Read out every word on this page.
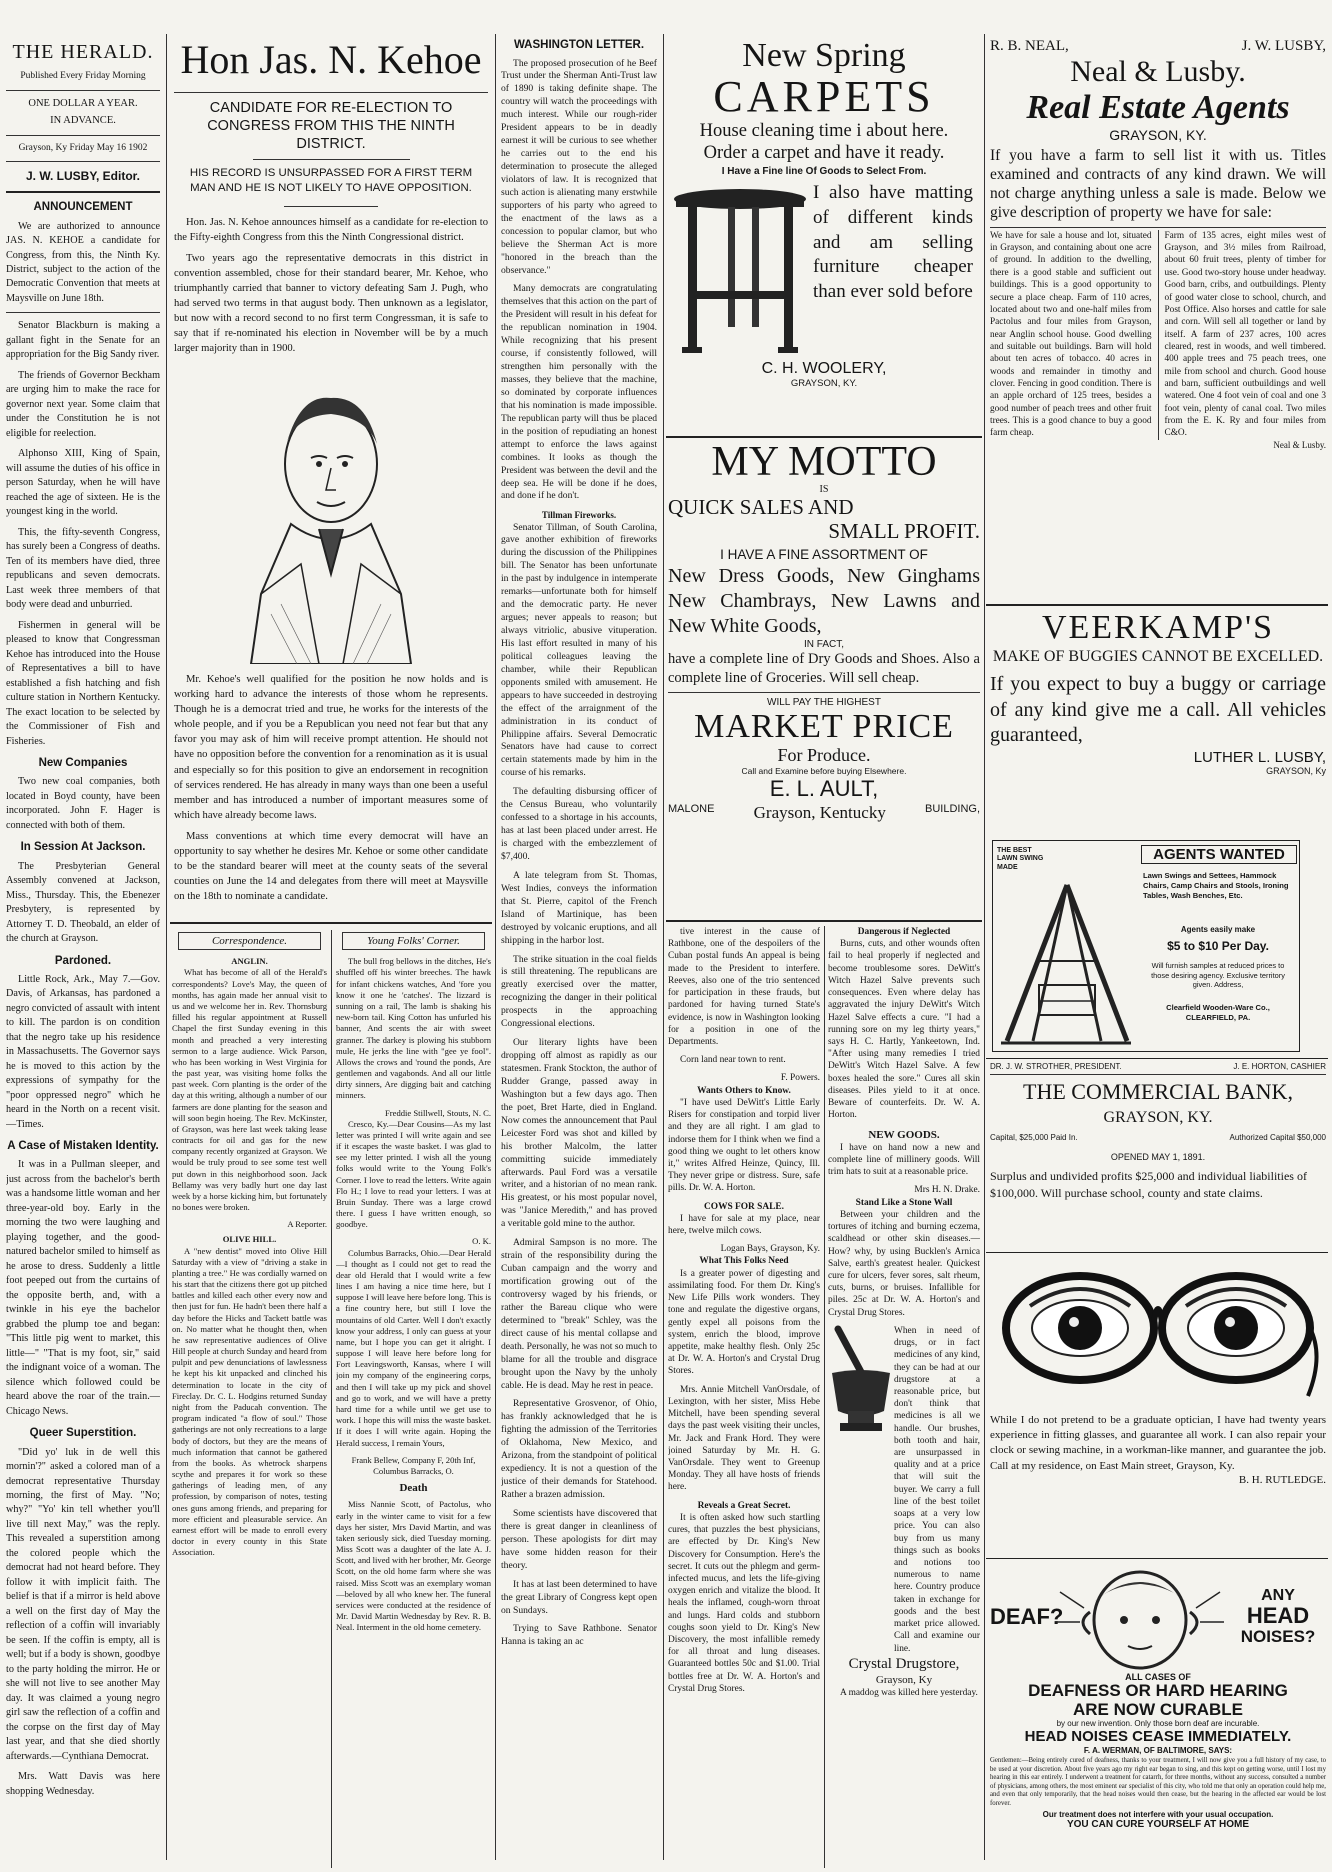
THE HERALD.
Published Every Friday Morning
ONE DOLLAR A YEAR.
IN ADVANCE.
Grayson, Ky Friday May 16 1902
J. W. LUSBY, Editor.
ANNOUNCEMENT

We are authorized to announce JAS. N. KEHOE a candidate for Congress, from this, the Ninth Ky. District, subject to the action of the Democratic Convention that meets at Maysville on June 18th.

Senator Blackburn is making a gallant fight in the Senate for an appropriation for the Big Sandy river.

The friends of Governor Beckham are urging him to make the race for governor next year. Some claim that under the Constitution he is not eligible for reelection.

Alphonso XIII, King of Spain, will assume the duties of his office in person Saturday, when he will have reached the age of sixteen. He is the youngest king in the world.

This, the fifty-seventh Congress, has surely been a Congress of deaths. Ten of its members have died, three republicans and seven democrats. Last week three members of that body were dead and unburried.

Fishermen in general will be pleased to know that Congressman Kehoe has introduced into the House of Representatives a bill to have established a fish hatching and fish culture station in Northern Kentucky. The exact location to be selected by the Commissioner of Fish and Fisheries.

New Companies

Two new coal companies, both located in Boyd county, have been incorporated. John F. Hager is connected with both of them.

In Session At Jackson.

The Presbyterian General Assembly convened at Jackson, Miss., Thursday. This, the Ebenezer Presbytery, is represented by Attorney T. D. Theobald, an elder of the church at Grayson.

Pardoned.

Little Rock, Ark., May 7.—Gov. Davis, of Arkansas, has pardoned a negro convicted of assault with intent to kill. The pardon is on condition that the negro take up his residence in Massachusetts. The Governor says he is moved to this action by the expressions of sympathy for the "poor oppressed negro" which he heard in the North on a recent visit.—Times.

A Case of Mistaken Identity.

It was in a Pullman sleeper, and just across from the bachelor's berth was a handsome little woman and her three-year-old boy. Early in the morning the two were laughing and playing together, and the good-natured bachelor smiled to himself as he arose to dress. Suddenly a little foot peeped out from the curtains of the opposite berth, and, with a twinkle in his eye the bachelor grabbed the plump toe and began: "This little pig went to market, this little—" "That is my foot, sir," said the indignant voice of a woman. The silence which followed could be heard above the roar of the train.—Chicago News.

Queer Superstition.

"Did yo' luk in de well this mornin'?" asked a colored man of a democrat representative Thursday morning, the first of May. "No; why?" "Yo' kin tell whether you'll live till next May," was the reply. This revealed a superstition among the colored people which the democrat had not heard before. They follow it with implicit faith. The belief is that if a mirror is held above a well on the first day of May the reflection of a coffin will invariably be seen. If the coffin is empty, all is well; but if a body is shown, goodbye to the party holding the mirror. He or she will not live to see another May day. It was claimed a young negro girl saw the reflection of a coffin and the corpse on the first day of May last year, and that she died shortly afterwards.—Cynthiana Democrat.

Mrs. Watt Davis was here shopping Wednesday.

Hon Jas. N. Kehoe
CANDIDATE FOR RE-ELECTION TO CONGRESS FROM THIS THE NINTH DISTRICT.
HIS RECORD IS UNSURPASSED FOR A FIRST TERM MAN AND HE IS NOT LIKELY TO HAVE OPPOSITION.

Hon. Jas. N. Kehoe announces himself as a candidate for re-election to the Fifty-eighth Congress from this the Ninth Congressional district.

Two years ago the representative democrats in this district in convention assembled, chose for their standard bearer, Mr. Kehoe, who triumphantly carried that banner to victory defeating Sam J. Pugh, who had served two terms in that august body. Then unknown as a legislator, but now with a record second to no first term Congressman, it is safe to say that if re-nominated his election in November will be by a much larger majority than in 1900.

Mr. Kehoe's well qualified for the position he now holds and is working hard to advance the interests of those whom he represents. Though he is a democrat tried and true, he works for the interests of the whole people, and if you be a Republican you need not fear but that any favor you may ask of him will receive prompt attention. He should not have no opposition before the convention for a renomination as it is usual and especially so for this position to give an endorsement in recognition of services rendered. He has already in many ways than one been a useful member and has introduced a number of important measures some of which have already become laws.

Mass conventions at which time every democrat will have an opportunity to say whether he desires Mr. Kehoe or some other candidate to be the standard bearer will meet at the county seats of the several counties on June the 14 and delegates from there will meet at Maysville on the 18th to nominate a candidate.

Correspondence.
ANGLIN.

What has become of all of the Herald's correspondents? Love's May, the queen of months, has again made her annual visit to us and we welcome her in. Rev. Thornsburg filled his regular appointment at Russell Chapel the first Sunday evening in this month and preached a very interesting sermon to a large audience. Wick Parson, who has been working in West Virginia for the past year, was visiting home folks the past week. Corn planting is the order of the day at this writing, although a number of our farmers are done planting for the season and will soon begin hoeing. The Rev. McKinster, of Grayson, was here last week taking lease contracts for oil and gas for the new company recently organized at Grayson. We would be truly proud to see some test well put down in this neighborhood soon. Jack Bellamy was very badly hurt one day last week by a horse kicking him, but fortunately no bones were broken.

A Reporter.
OLIVE HILL.

A "new dentist" moved into Olive Hill Saturday with a view of "driving a stake in planting a tree." He was cordially warned on his start that the citizens there got up pitched battles and killed each other every now and then just for fun. He hadn't been there half a day before the Hicks and Tackett battle was on. No matter what he thought then, when he saw representative audiences of Olive Hill people at church Sunday and heard from pulpit and pew denunciations of lawlessness he kept his kit unpacked and clinched his determination to locate in the city of Fireclay. Dr. C. L. Hodgins returned Sunday night from the Paducah convention. The program indicated "a flow of soul." Those gatherings are not only recreations to a large body of doctors, but they are the means of much information that cannot be gathered from the books. As whetrock sharpens scythe and prepares it for work so these gatherings of leading men, of any profession, by comparison of notes, testing ones guns among friends, and preparing for more efficient and pleasurable service. An earnest effort will be made to enroll every doctor in every county in this State Association.

Young Folks' Corner.

The bull frog bellows in the ditches, He's shuffled off his winter breeches. The hawk for infant chickens watches, And 'fore you know it one he 'catches'. The lizzard is sunning on a rail, The lamb is shaking his new-born tail. King Cotton has unfurled his banner, And scents the air with sweet granner. The darkey is plowing his stubborn mule, He jerks the line with "gee ye fool". Allows the crows and 'round the ponds, Are gentlemen and vagabonds. And all our little dirty sinners, Are digging bait and catching minners.

Freddie Stillwell, Stouts, N. C.

Cresco, Ky.—Dear Cousins—As my last letter was printed I will write again and see if it escapes the waste basket. I was glad to see my letter printed. I wish all the young folks would write to the Young Folk's Corner. I love to read the letters. Write again Flo H.; I love to read your letters. I was at Bruin Sunday. There was a large crowd there. I guess I have written enough, so goodbye.

O. K.

Columbus Barracks, Ohio.—Dear Herald—I thought as I could not get to read the dear old Herald that I would write a few lines I am having a nice time here, but I suppose I will leave here before long. This is a fine country here, but still I love the mountains of old Carter. Well I don't exactly know your address, I only can guess at your name, but I hope you can get it alright. I suppose I will leave here before long for Fort Leavingsworth, Kansas, where I will join my company of the engineering corps, and then I will take up my pick and shovel and go to work, and we will have a pretty hard time for a while until we get use to work. I hope this will miss the waste basket. If it does I will write again. Hoping the Herald success, I remain Yours,

Frank Bellew, Company F, 20th Inf, Columbus Barracks, O.
Death

Miss Nannie Scott, of Pactolus, who early in the winter came to visit for a few days her sister, Mrs David Martin, and was taken seriously sick, died Tuesday morning. Miss Scott was a daughter of the late A. J. Scott, and lived with her brother, Mr. George Scott, on the old home farm where she was raised. Miss Scott was an exemplary woman—beloved by all who knew her. The funeral services were conducted at the residence of Mr. David Martin Wednesday by Rev. R. B. Neal. Interment in the old home cemetery.

WASHINGTON LETTER.

The proposed prosecution of he Beef Trust under the Sherman Anti-Trust law of 1890 is taking definite shape. The country will watch the proceedings with much interest. While our rough-rider President appears to be in deadly earnest it will be curious to see whether he carries out to the end his determination to prosecute the alleged violators of law. It is recognized that such action is alienating many erstwhile supporters of his party who agreed to the enactment of the laws as a concession to popular clamor, but who believe the Sherman Act is more "honored in the breach than the observance."

Many democrats are congratulating themselves that this action on the part of the President will result in his defeat for the republican nomination in 1904. While recognizing that his present course, if consistently followed, will strengthen him personally with the masses, they believe that the machine, so dominated by corporate influences that his nomination is made impossible. The republican party will thus be placed in the position of repudiating an honest attempt to enforce the laws against combines. It looks as though the President was between the devil and the deep sea. He will be done if he does, and done if he don't.

Tillman Fireworks.

Senator Tillman, of South Carolina, gave another exhibition of fireworks during the discussion of the Philippines bill. The Senator has been unfortunate in the past by indulgence in intemperate remarks—unfortunate both for himself and the democratic party. He never argues; never appeals to reason; but always vitriolic, abusive vituperation. His last effort resulted in many of his political colleagues leaving the chamber, while their Republican opponents smiled with amusement. He appears to have succeeded in destroying the effect of the arraignment of the administration in its conduct of Philippine affairs. Several Democratic Senators have had cause to correct certain statements made by him in the course of his remarks.

The defaulting disbursing officer of the Census Bureau, who voluntarily confessed to a shortage in his accounts, has at last been placed under arrest. He is charged with the embezzlement of $7,400.

A late telegram from St. Thomas, West Indies, conveys the information that St. Pierre, capitol of the French Island of Martinique, has been destroyed by volcanic eruptions, and all shipping in the harbor lost.

The strike situation in the coal fields is still threatening. The republicans are greatly exercised over the matter, recognizing the danger in their political prospects in the approaching Congressional elections.

Our literary lights have been dropping off almost as rapidly as our statesmen. Frank Stockton, the author of Rudder Grange, passed away in Washington but a few days ago. Then the poet, Bret Harte, died in England. Now comes the announcement that Paul Leicester Ford was shot and killed by his brother Malcolm, the latter committing suicide immediately afterwards. Paul Ford was a versatile writer, and a historian of no mean rank. His greatest, or his most popular novel, was "Janice Meredith," and has proved a veritable gold mine to the author.

Admiral Sampson is no more. The strain of the responsibility during the Cuban campaign and the worry and mortification growing out of the controversy waged by his friends, or rather the Bareau clique who were determined to "break" Schley, was the direct cause of his mental collapse and death. Personally, he was not so much to blame for all the trouble and disgrace brought upon the Navy by the unholy cable. He is dead. May he rest in peace.

Representative Grosvenor, of Ohio, has frankly acknowledged that he is fighting the admission of the Territories of Oklahoma, New Mexico, and Arizona, from the standpoint of political expediency. It is not a question of the justice of their demands for Statehood. Rather a brazen admission.

Some scientists have discovered that there is great danger in cleanliness of person. These apologists for dirt may have some hidden reason for their theory.

It has at last been determined to have the great Library of Congress kept open on Sundays.

Trying to Save Rathbone. Senator Hanna is taking an ac

New Spring
CARPETS
House cleaning time i about here.
Order a carpet and have it ready.
I Have a Fine line Of Goods to Select From.
I also have matting of different kinds and am selling furniture cheaper than ever sold before
C. H. WOOLERY,
GRAYSON, KY.
MY MOTTO
IS
QUICK SALES AND
SMALL PROFIT.
I HAVE A FINE ASSORTMENT OF
New Dress Goods, New Ginghams New Chambrays, New Lawns and New White Goods,
IN FACT,
have a complete line of Dry Goods and Shoes. Also a complete line of Groceries. Will sell cheap.
WILL PAY THE HIGHEST
MARKET PRICE
For Produce.
Call and Examine before buying Elsewhere.
E. L. AULT,
MALONE Grayson, Kentucky	BUILDING,

tive interest in the cause of Rathbone, one of the despoilers of the Cuban postal funds An appeal is being made to the President to interfere. Reeves, also one of the trio sentenced for participation in these frauds, but pardoned for having turned State's evidence, is now in Washington looking for a position in one of the Departments.

Corn land near town to rent.

F. Powers.
Wants Others to Know.

"I have used DeWitt's Little Early Risers for constipation and torpid liver and they are all right. I am glad to indorse them for I think when we find a good thing we ought to let others know it," writes Alfred Heinze, Quincy, Ill. They never gripe or distress. Sure, safe pills. Dr. W. A. Horton.

COWS FOR SALE.

I have for sale at my place, near here, twelve milch cows.

Logan Bays, Grayson, Ky.
What This Folks Need

Is a greater power of digesting and assimilating food. For them Dr. King's New Life Pills work wonders. They tone and regulate the digestive organs, gently expel all poisons from the system, enrich the blood, improve appetite, make healthy flesh. Only 25c at Dr. W. A. Horton's and Crystal Drug Stores.

Mrs. Annie Mitchell VanOrsdale, of Lexington, with her sister, Miss Hebe Mitchell, have been spending several days the past week visiting their uncles, Mr. Jack and Frank Hord. They were joined Saturday by Mr. H. G. VanOrsdale. They went to Greenup Monday. They all have hosts of friends here.

Reveals a Great Secret.

It is often asked how such startling cures, that puzzles the best physicians, are effected by Dr. King's New Discovery for Consumption. Here's the secret. It cuts out the phlegm and germ-infected mucus, and lets the life-giving oxygen enrich and vitalize the blood. It heals the inflamed, cough-worn throat and lungs. Hard colds and stubborn coughs soon yield to Dr. King's New Discovery, the most infallible remedy for all throat and lung diseases. Guaranteed bottles 50c and $1.00. Trial bottles free at Dr. W. A. Horton's and Crystal Drug Stores.

Dangerous if Neglected

Burns, cuts, and other wounds often fail to heal properly if neglected and become troublesome sores. DeWitt's Witch Hazel Salve prevents such consequences. Even where delay has aggravated the injury DeWitt's Witch Hazel Salve effects a cure. "I had a running sore on my leg thirty years," says H. C. Hartly, Yankeetown, Ind. "After using many remedies I tried DeWitt's Witch Hazel Salve. A few boxes healed the sore." Cures all skin diseases. Piles yield to it at once. Beware of counterfeits. Dr. W. A. Horton.

NEW GOODS.

I have on hand now a new and complete line of millinery goods. Will trim hats to suit at a reasonable price.

Mrs H. N. Drake.
Stand Like a Stone Wall

Between your children and the tortures of itching and burning eczema, scaldhead or other skin diseases.—How? why, by using Bucklen's Arnica Salve, earth's greatest healer. Quickest cure for ulcers, fever sores, salt rheum, cuts, burns, or bruises. Infallible for piles. 25c at Dr. W. A. Horton's and Crystal Drug Stores.

When in need of drugs, or in fact medicines of any kind, they can be had at our drugstore at a reasonable price, but don't think that medicines is all we handle. Our brushes, both tooth and hair, are unsurpassed in quality and at a price that will suit the buyer. We carry a full line of the best toilet soaps at a very low price. You can also buy from us many things such as books and notions too numerous to name here. Country produce taken in exchange for goods and the best market price allowed. Call and examine our line.
Crystal Drugstore,
Grayson, Ky

A maddog was killed here yesterday.

R. B. NEAL,	J. W. LUSBY,
Neal & Lusby.
Real Estate Agents
GRAYSON, KY.
If you have a farm to sell list it with us. Titles examined and contracts of any kind drawn. We will not charge anything unless a sale is made. Below we give description of property we have for sale:
We have for sale a house and lot, situated in Grayson, and containing about one acre of ground. In addition to the dwelling, there is a good stable and sufficient out buildings. This is a good opportunity to secure a place cheap. Farm of 110 acres, located about two and one-half miles from Pactolus and four miles from Grayson, near Anglin school house. Good dwelling and suitable out buildings. Barn will hold about ten acres of tobacco. 40 acres in woods and remainder in timothy and clover. Fencing in good condition. There is an apple orchard of 125 trees, besides a good number of peach trees and other fruit trees. This is a good chance to buy a good farm cheap.
Farm of 135 acres, eight miles west of Grayson, and 3½ miles from Railroad, about 60 fruit trees, plenty of timber for use. Good two-story house under headway. Good barn, cribs, and outbuildings. Plenty of good water close to school, church, and Post Office. Also horses and cattle for sale and corn. Will sell all together or land by itself. A farm of 237 acres, 100 acres cleared, rest in woods, and well timbered. 400 apple trees and 75 peach trees, one mile from school and church. Good house and barn, sufficient outbuildings and well watered. One 4 foot vein of coal and one 3 foot vein, plenty of canal coal. Two miles from the E. K. Ry and four miles from C&O.
Neal & Lusby.
VEERKAMP'S
MAKE OF BUGGIES CANNOT BE EXCELLED.
If you expect to buy a buggy or carriage of any kind give me a call. All vehicles guaranteed,
LUTHER L. LUSBY,
GRAYSON, Ky
THE BEST LAWN SWING MADE
AGENTS WANTED
Lawn Swings and Settees, Hammock Chairs, Camp Chairs and Stools, Ironing Tables, Wash Benches, Etc.
Agents easily make
$5 to $10 Per Day.
Will furnish samples at reduced prices to those desiring agency. Exclusive territory given. Address,
Clearfield Wooden-Ware Co., CLEARFIELD, PA.
DR. J. W. STROTHER, PRESIDENT.	J. E. HORTON, CASHIER
THE COMMERCIAL BANK,
GRAYSON, KY.
Capital, $25,000 Paid In.	Authorized Capital $50,000
OPENED MAY 1, 1891.
Surplus and undivided profits $25,000 and individual liabilities of $100,000. Will purchase school, county and state claims.
While I do not pretend to be a graduate optician, I have had twenty years experience in fitting glasses, and guarantee all work. I can also repair your clock or sewing machine, in a workman-like manner, and guarantee the job. Call at my residence, on East Main street, Grayson, Ky.
B. H. RUTLEDGE.
DEAF?
ANY
HEAD
NOISES?
ALL CASES OF
DEAFNESS OR HARD HEARING
ARE NOW CURABLE
by our new invention. Only those born deaf are incurable.
HEAD NOISES CEASE IMMEDIATELY.
F. A. WERMAN, OF BALTIMORE, SAYS:
Gentlemen:—Being entirely cured of deafness, thanks to your treatment, I will now give you a full history of my case, to be used at your discretion. About five years ago my right ear began to sing, and this kept on getting worse, until I lost my hearing in this ear entirely. I underwent a treatment for catarrh, for three months, without any success, consulted a number of physicians, among others, the most eminent ear specialist of this city, who told me that only an operation could help me, and even that only temporarily, that the head noises would then cease, but the hearing in the affected ear would be lost forever.
Our treatment does not interfere with your usual occupation.
YOU CAN CURE YOURSELF AT HOME
